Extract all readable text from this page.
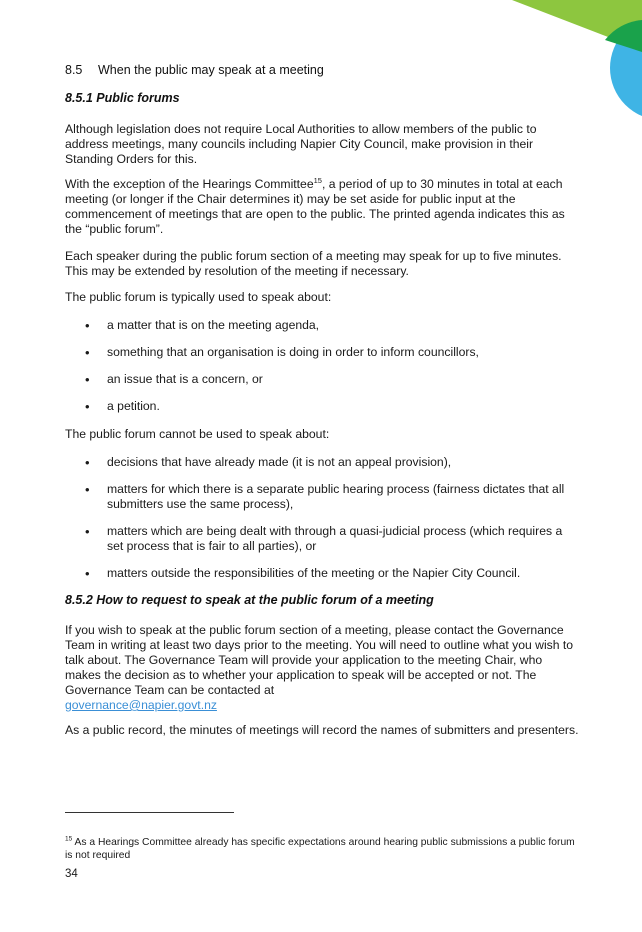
8.5 When the public may speak at a meeting
8.5.1 Public forums

Although legislation does not require Local Authorities to allow members of the public to address meetings, many councils including Napier City Council, make provision in their Standing Orders for this.

With the exception of the Hearings Committee$^{15}$, a period of up to 30 minutes in total at each meeting (or longer if the Chair determines it) may be set aside for public input at the commencement of meetings that are open to the public. The printed agenda indicates this as the “public forum”.

Each speaker during the public forum section of a meeting may speak for up to five minutes. This may be extended by resolution of the meeting if necessary.

The public forum is typically used to speak about:

• a matter that is on the meeting agenda,
• something that an organisation is doing in order to inform councillors,
• an issue that is a concern, or
• a petition.

The public forum cannot be used to speak about:

• decisions that have already made (it is not an appeal provision),
• matters for which there is a separate public hearing process (fairness dictates that all submitters use the same process),
• matters which are being dealt with through a quasi-judicial process (which requires a set process that is fair to all parties), or
• matters outside the responsibilities of the meeting or the Napier City Council.
8.5.2 How to request to speak at the public forum of a meeting

If you wish to speak at the public forum section of a meeting, please contact the Governance Team in writing at least two days prior to the meeting. You will need to outline what you wish to talk about. The Governance Team will provide your application to the meeting Chair, who makes the decision as to whether your application to speak will be accepted or not. The Governance Team can be contacted at
governance@napier.govt.nz

As a public record, the minutes of meetings will record the names of submitters and presenters.

$^{15}$ As a Hearings Committee already has specific expectations around hearing public submissions a public forum is not required
34
